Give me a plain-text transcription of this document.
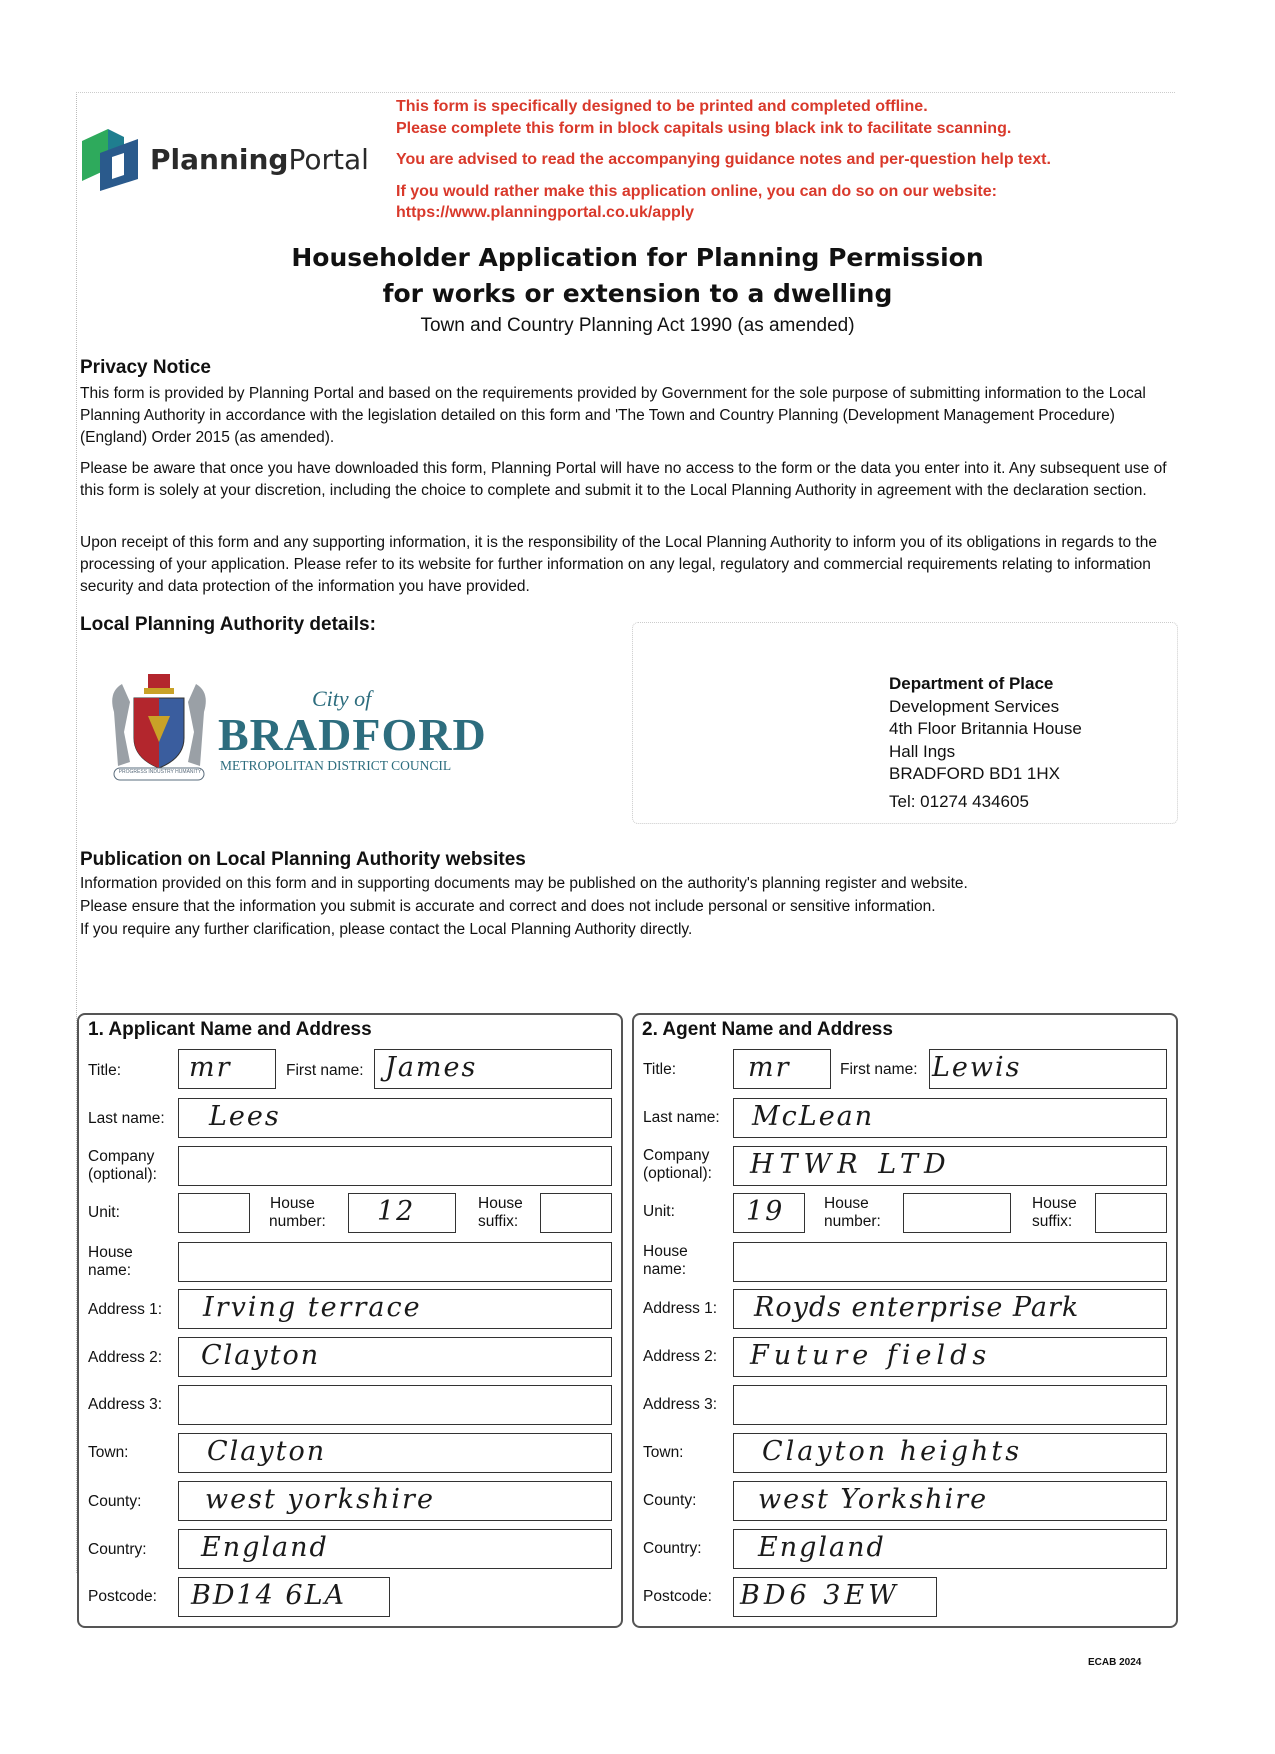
PlanningPortal
This form is specifically designed to be printed and completed offline.
Please complete this form in block capitals using black ink to facilitate scanning.
You are advised to read the accompanying guidance notes and per-question help text.
If you would rather make this application online, you can do so on our website:
https://www.planningportal.co.uk/apply
Householder Application for Planning Permission
for works or extension to a dwelling
Town and Country Planning Act 1990 (as amended)
Privacy Notice
This form is provided by Planning Portal and based on the requirements provided by Government for the sole purpose of submitting information to the Local Planning Authority in accordance with the legislation detailed on this form and 'The Town and Country Planning (Development Management Procedure) (England) Order 2015 (as amended).
Please be aware that once you have downloaded this form, Planning Portal will have no access to the form or the data you enter into it. Any subsequent use of this form is solely at your discretion, including the choice to complete and submit it to the Local Planning Authority in agreement with the declaration section.
Upon receipt of this form and any supporting information, it is the responsibility of the Local Planning Authority to inform you of its obligations in regards to the processing of your application. Please refer to its website for further information on any legal, regulatory and commercial requirements relating to information security and data protection of the information you have provided.
Local Planning Authority details:
PROGRESS INDUSTRY HUMANITY
City of
BRADFORD
METROPOLITAN DISTRICT COUNCIL
Department of Place
Development Services
4th Floor Britannia House
Hall Ings
BRADFORD BD1 1HX
Tel: 01274 434605
Publication on Local Planning Authority websites
Information provided on this form and in supporting documents may be published on the authority's planning register and website.
Please ensure that the information you submit is accurate and correct and does not include personal or sensitive information.
If you require any further clarification, please contact the Local Planning Authority directly.
1. Applicant Name and Address
Title:	mr	First name: James
Last name: Lees
Company
(optional):
Unit:
House
number: 12	House
suffix:
House
name:
Address 1: Irving terrace
Address 2: Clayton
Address 3:
Town:	Clayton
County: west yorkshire
Country: England
Postcode: BD14 6LA
2. Agent Name and Address
Title:	mr	First name: Lewis
Last name: McLean
Company
(optional): HTWR LTD
Unit:	19	House
number:
House
suffix:
House
name:
Address 1: Royds enterprise Park
Address 2: Future fields
Address 3:
Town:	Clayton heights
County: west Yorkshire
Country: England
Postcode: BD6 3EW
ECAB 2024
